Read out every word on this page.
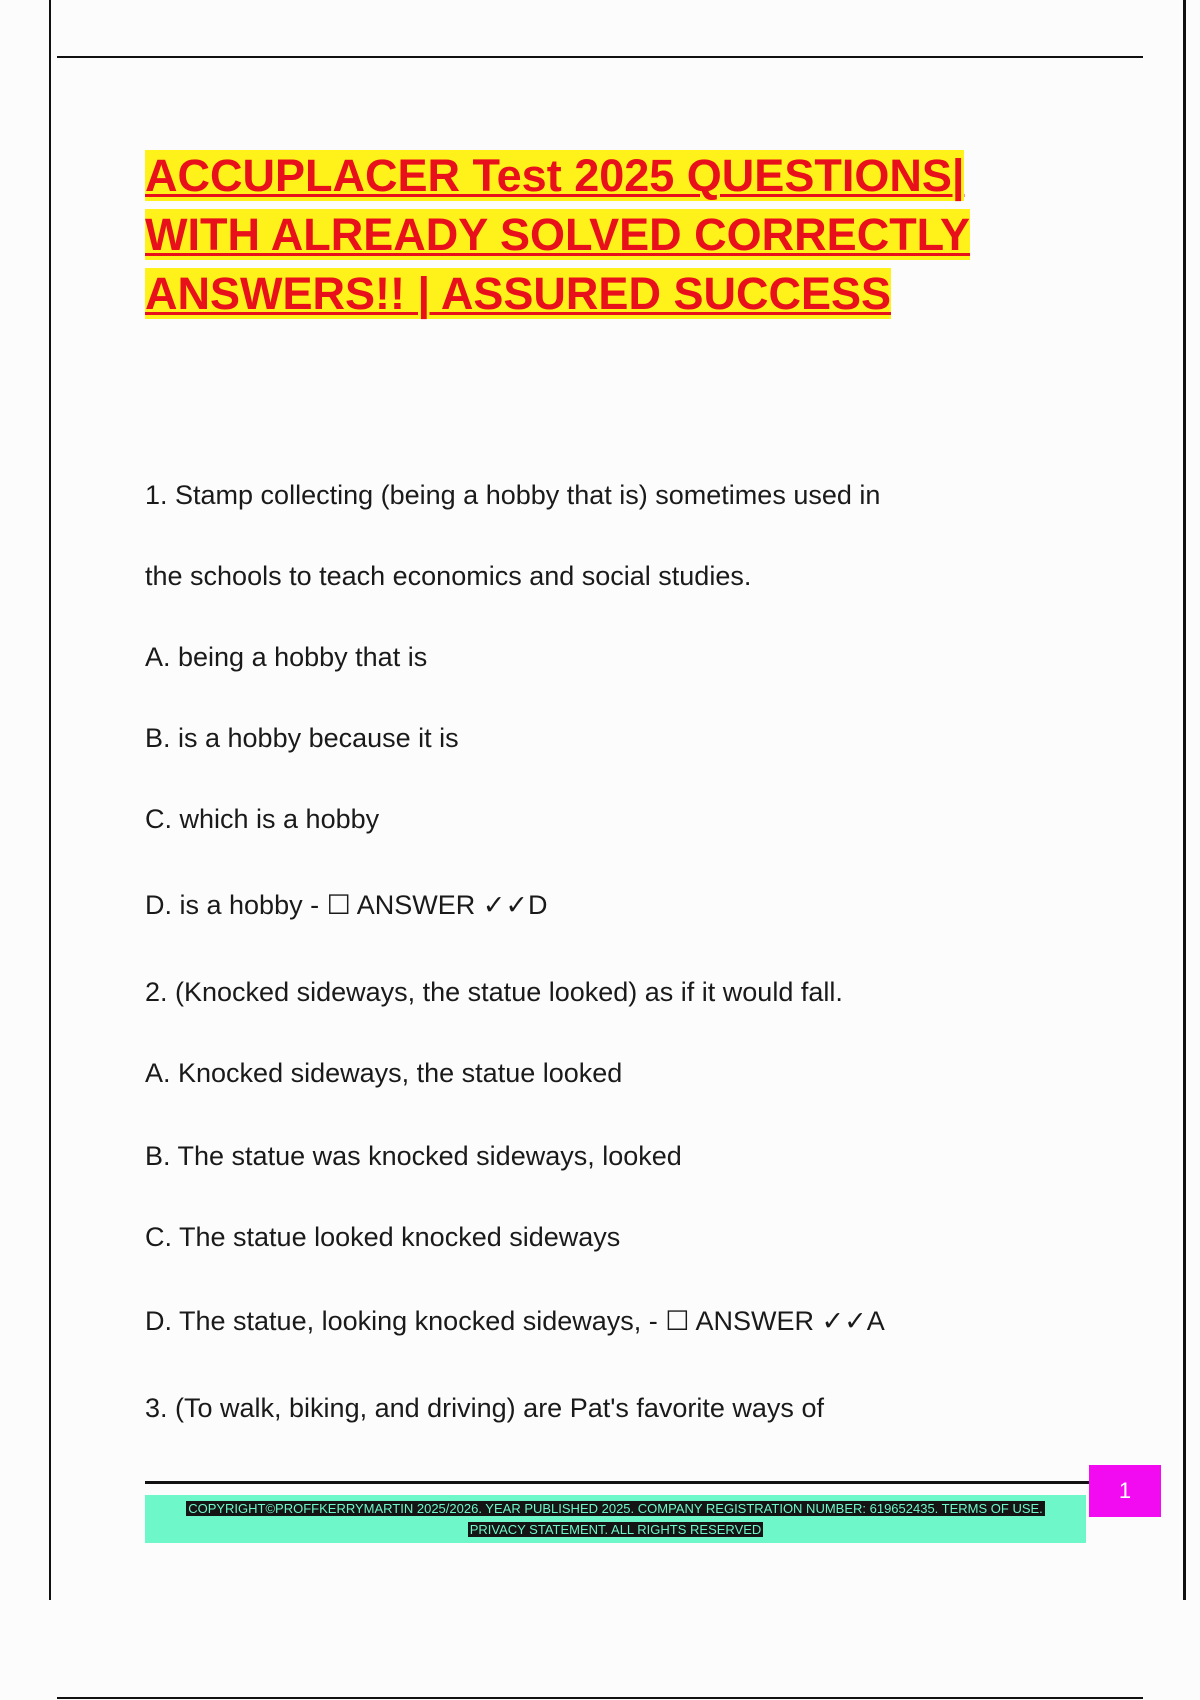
ACCUPLACER Test 2025 QUESTIONS|
WITH ALREADY SOLVED CORRECTLY
ANSWERS!! | ASSURED SUCCESS

1. Stamp collecting (being a hobby that is) sometimes used in

the schools to teach economics and social studies.

A. being a hobby that is

B. is a hobby because it is

C. which is a hobby

D. is a hobby - ☐ ANSWER ✓✓D

2. (Knocked sideways, the statue looked) as if it would fall.

A. Knocked sideways, the statue looked

B. The statue was knocked sideways, looked

C. The statue looked knocked sideways

D. The statue, looking knocked sideways, - ☐ ANSWER ✓✓A

3. (To walk, biking, and driving) are Pat's favorite ways of

1
COPYRIGHT©PROFFKERRYMARTIN 2025/2026. YEAR PUBLISHED 2025. COMPANY REGISTRATION NUMBER: 619652435. TERMS OF USE.
PRIVACY STATEMENT. ALL RIGHTS RESERVED
